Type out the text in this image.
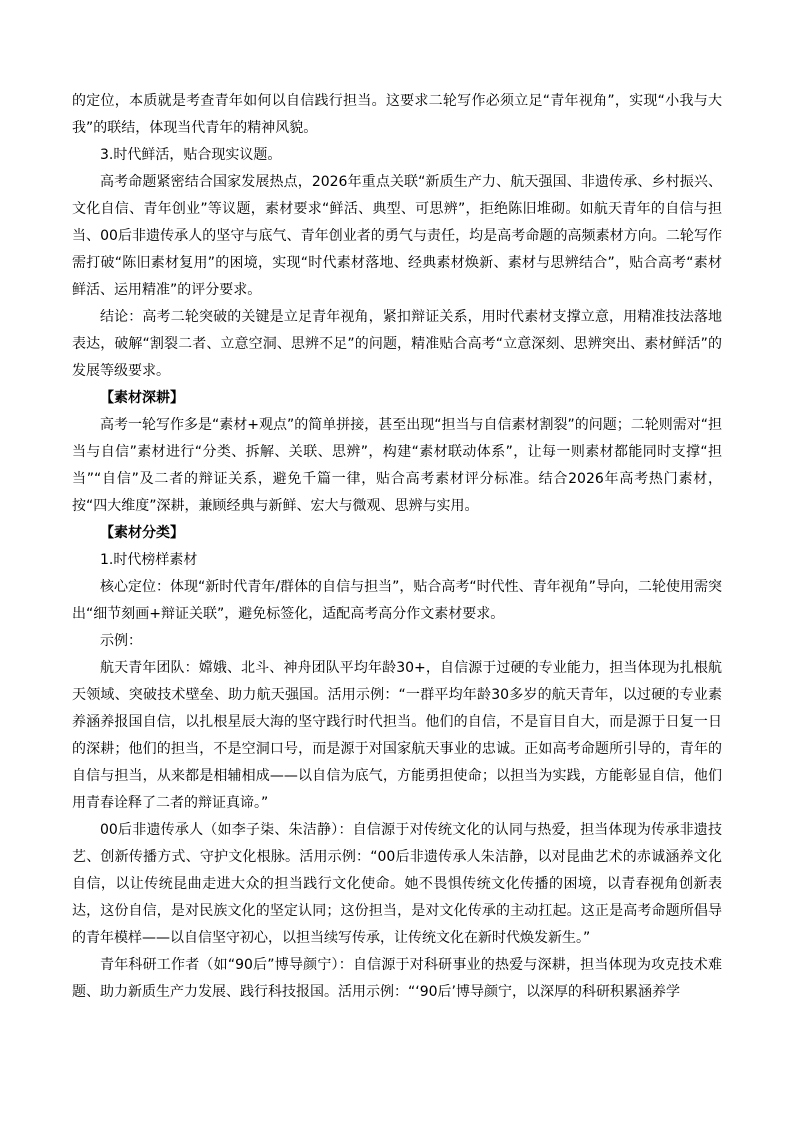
的定位，本质就是考查青年如何以自信践行担当。这要求二轮写作必须立足“青年视角”，实现“小我与大我”的联结，体现当代青年的精神风貌。

3.时代鲜活，贴合现实议题。

高考命题紧密结合国家发展热点，2026年重点关联“新质生产力、航天强国、非遗传承、乡村振兴、文化自信、青年创业”等议题，素材要求“鲜活、典型、可思辨”，拒绝陈旧堆砌。如航天青年的自信与担当、00后非遗传承人的坚守与底气、青年创业者的勇气与责任，均是高考命题的高频素材方向。二轮写作需打破“陈旧素材复用”的困境，实现“时代素材落地、经典素材焕新、素材与思辨结合”，贴合高考“素材鲜活、运用精准”的评分要求。

结论：高考二轮突破的关键是立足青年视角，紧扣辩证关系，用时代素材支撑立意，用精准技法落地表达，破解“割裂二者、立意空洞、思辨不足”的问题，精准贴合高考“立意深刻、思辨突出、素材鲜活”的发展等级要求。

【素材深耕】

高考一轮写作多是“素材+观点”的简单拼接，甚至出现“担当与自信素材割裂”的问题；二轮则需对“担当与自信”素材进行“分类、拆解、关联、思辨”，构建“素材联动体系”，让每一则素材都能同时支撑“担当”“自信”及二者的辩证关系，避免千篇一律，贴合高考素材评分标准。结合2026年高考热门素材，按“四大维度”深耕，兼顾经典与新鲜、宏大与微观、思辨与实用。

【素材分类】

1.时代榜样素材

核心定位：体现“新时代青年/群体的自信与担当”，贴合高考“时代性、青年视角”导向，二轮使用需突出“细节刻画+辩证关联”，避免标签化，适配高考高分作文素材要求。

示例：

航天青年团队：嫦娥、北斗、神舟团队平均年龄30+，自信源于过硬的专业能力，担当体现为扎根航天领域、突破技术壁垒、助力航天强国。活用示例：“一群平均年龄30多岁的航天青年，以过硬的专业素养涵养报国自信，以扎根星辰大海的坚守践行时代担当。他们的自信，不是盲目自大，而是源于日复一日的深耕；他们的担当，不是空洞口号，而是源于对国家航天事业的忠诚。正如高考命题所引导的，青年的自信与担当，从来都是相辅相成——以自信为底气，方能勇担使命；以担当为实践，方能彰显自信，他们用青春诠释了二者的辩证真谛。”

00后非遗传承人（如李子柒、朱洁静）：自信源于对传统文化的认同与热爱，担当体现为传承非遗技艺、创新传播方式、守护文化根脉。活用示例：“00后非遗传承人朱洁静，以对昆曲艺术的赤诚涵养文化自信，以让传统昆曲走进大众的担当践行文化使命。她不畏惧传统文化传播的困境，以青春视角创新表达，这份自信，是对民族文化的坚定认同；这份担当，是对文化传承的主动扛起。这正是高考命题所倡导的青年模样——以自信坚守初心，以担当续写传承，让传统文化在新时代焕发新生。”

青年科研工作者（如“90后”博导颜宁）：自信源于对科研事业的热爱与深耕，担当体现为攻克技术难题、助力新质生产力发展、践行科技报国。活用示例：“‘90后’博导颜宁，以深厚的科研积累涵养学
